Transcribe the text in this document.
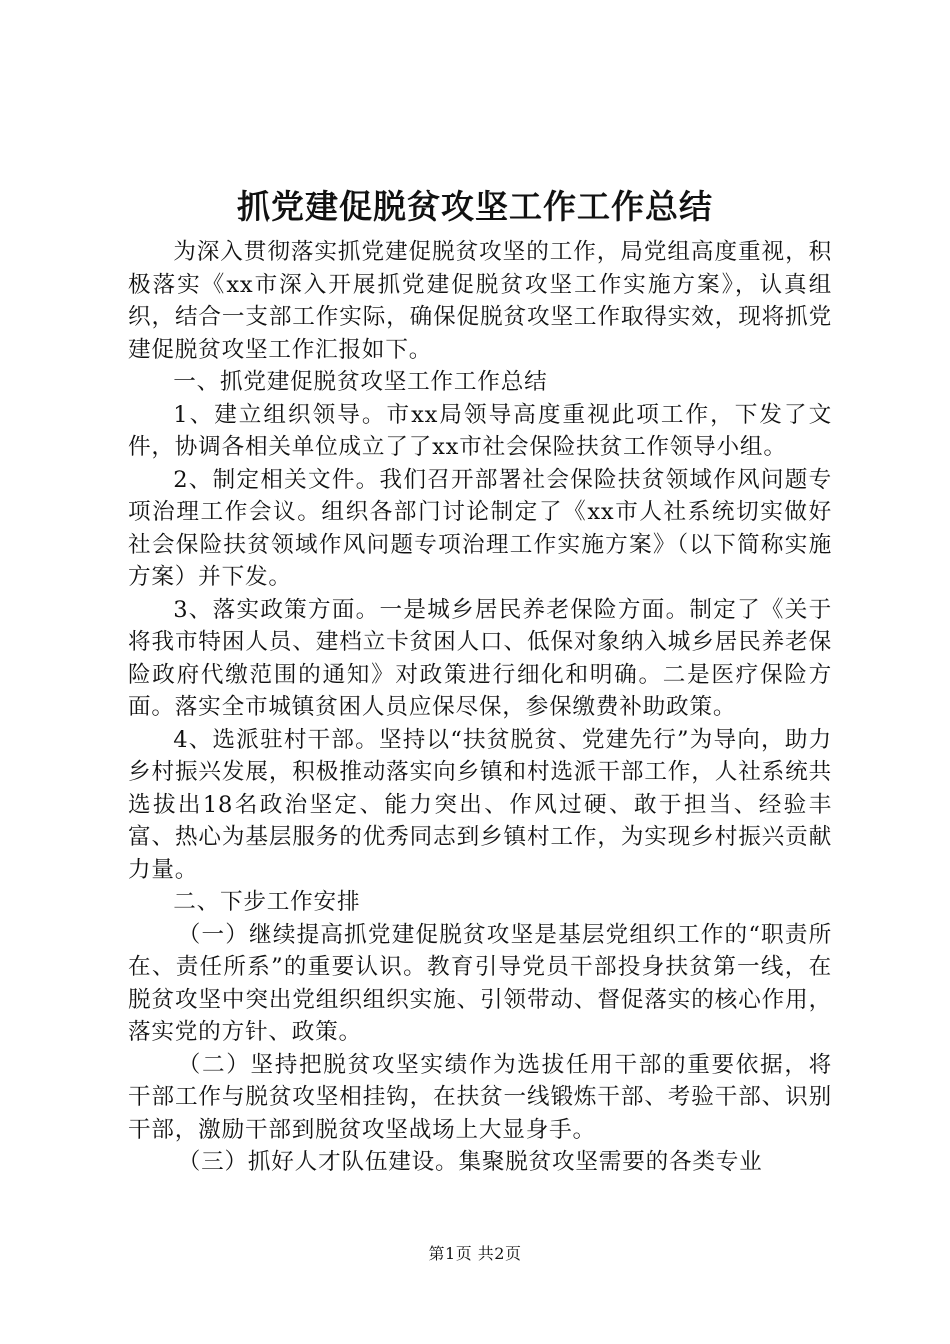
抓党建促脱贫攻坚工作工作总结

为深入贯彻落实抓党建促脱贫攻坚的工作，局党组高度重视，积极落实《xx市深入开展抓党建促脱贫攻坚工作实施方案》，认真组织，结合一支部工作实际，确保促脱贫攻坚工作取得实效，现将抓党建促脱贫攻坚工作汇报如下。

一、抓党建促脱贫攻坚工作工作总结

1、建立组织领导。市xx局领导高度重视此项工作，下发了文件，协调各相关单位成立了了xx市社会保险扶贫工作领导小组。

2、制定相关文件。我们召开部署社会保险扶贫领域作风问题专项治理工作会议。组织各部门讨论制定了《xx市人社系统切实做好社会保险扶贫领域作风问题专项治理工作实施方案》（以下简称实施方案）并下发。

3、落实政策方面。一是城乡居民养老保险方面。制定了《关于将我市特困人员、建档立卡贫困人口、低保对象纳入城乡居民养老保险政府代缴范围的通知》对政策进行细化和明确。二是医疗保险方面。落实全市城镇贫困人员应保尽保，参保缴费补助政策。

4、选派驻村干部。坚持以“扶贫脱贫、党建先行”为导向，助力乡村振兴发展，积极推动落实向乡镇和村选派干部工作，人社系统共选拔出18名政治坚定、能力突出、作风过硬、敢于担当、经验丰富、热心为基层服务的优秀同志到乡镇村工作，为实现乡村振兴贡献力量。

二、下步工作安排

（一）继续提高抓党建促脱贫攻坚是基层党组织工作的“职责所在、责任所系”的重要认识。教育引导党员干部投身扶贫第一线，在脱贫攻坚中突出党组织组织实施、引领带动、督促落实的核心作用，落实党的方针、政策。

（二）坚持把脱贫攻坚实绩作为选拔任用干部的重要依据，将干部工作与脱贫攻坚相挂钩，在扶贫一线锻炼干部、考验干部、识别干部，激励干部到脱贫攻坚战场上大显身手。

（三）抓好人才队伍建设。集聚脱贫攻坚需要的各类专业

第1页 共2页
